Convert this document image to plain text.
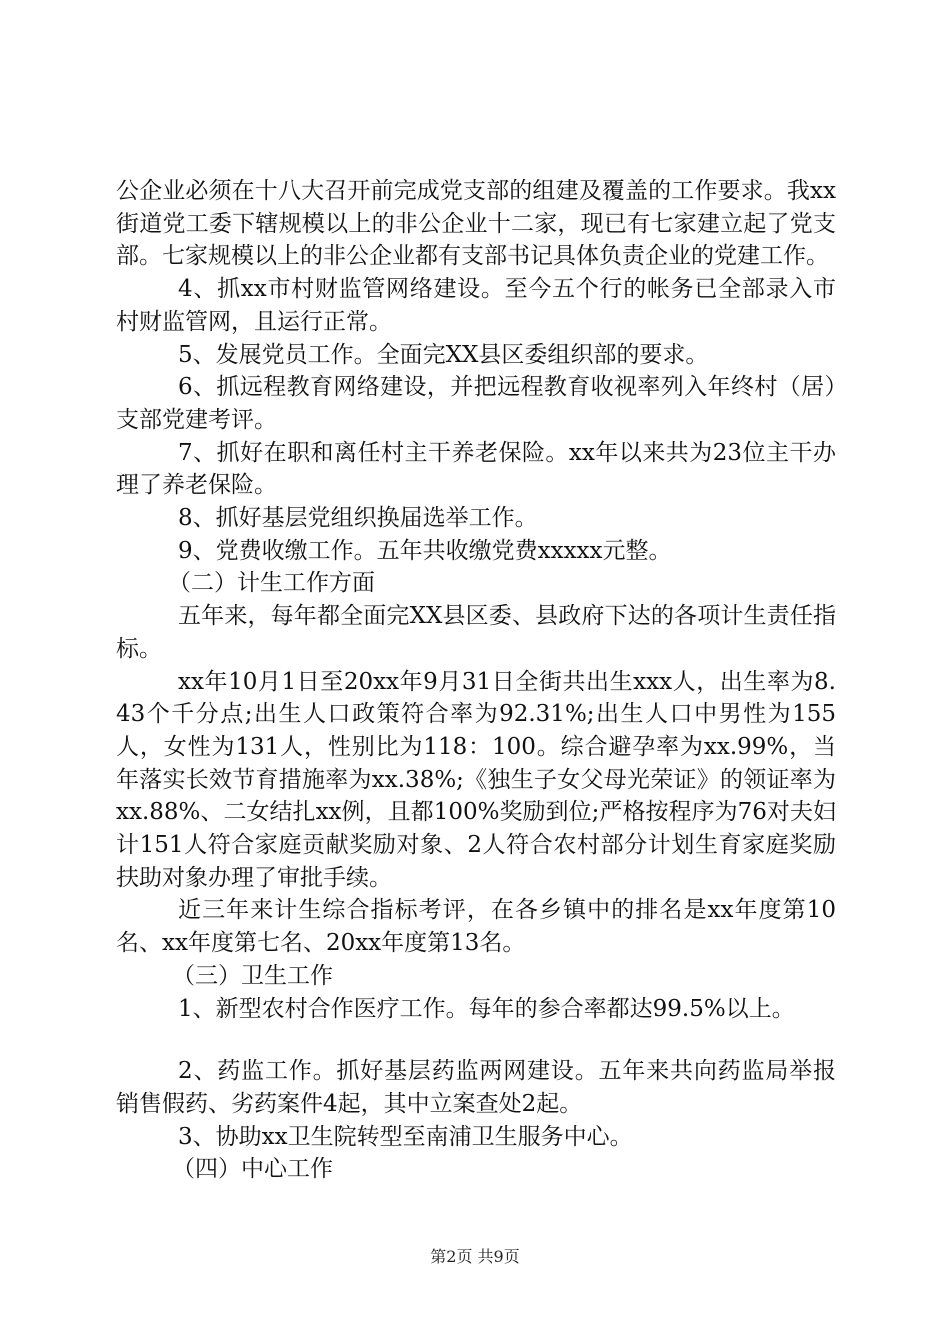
公企业必须在十八大召开前完成党支部的组建及覆盖的工作要求。我xx街道党工委下辖规模以上的非公企业十二家，现已有七家建立起了党支部。七家规模以上的非公企业都有支部书记具体负责企业的党建工作。

4、抓xx市村财监管网络建设。至今五个行的帐务已全部录入市村财监管网，且运行正常。

5、发展党员工作。全面完XX县区委组织部的要求。

6、抓远程教育网络建设，并把远程教育收视率列入年终村（居）支部党建考评。

7、抓好在职和离任村主干养老保险。xx年以来共为23位主干办理了养老保险。

8、抓好基层党组织换届选举工作。

9、党费收缴工作。五年共收缴党费xxxxx元整。

（二）计生工作方面

五年来，每年都全面完XX县区委、县政府下达的各项计生责任指标。

xx年10月1日至20xx年9月31日全街共出生xxx人，出生率为8.43个千分点;出生人口政策符合率为92.31%;出生人口中男性为155人，女性为131人，性别比为118：100。综合避孕率为xx.99%，当年落实长效节育措施率为xx.38%;《独生子女父母光荣证》的领证率为xx.88%、二女结扎xx例，且都100%奖励到位;严格按程序为76对夫妇计151人符合家庭贡献奖励对象、2人符合农村部分计划生育家庭奖励扶助对象办理了审批手续。

近三年来计生综合指标考评，在各乡镇中的排名是xx年度第10名、xx年度第七名、20xx年度第13名。

（三）卫生工作

1、新型农村合作医疗工作。每年的参合率都达99.5%以上。

2、药监工作。抓好基层药监两网建设。五年来共向药监局举报销售假药、劣药案件4起，其中立案查处2起。

3、协助xx卫生院转型至南浦卫生服务中心。

（四）中心工作

第2页 共9页
